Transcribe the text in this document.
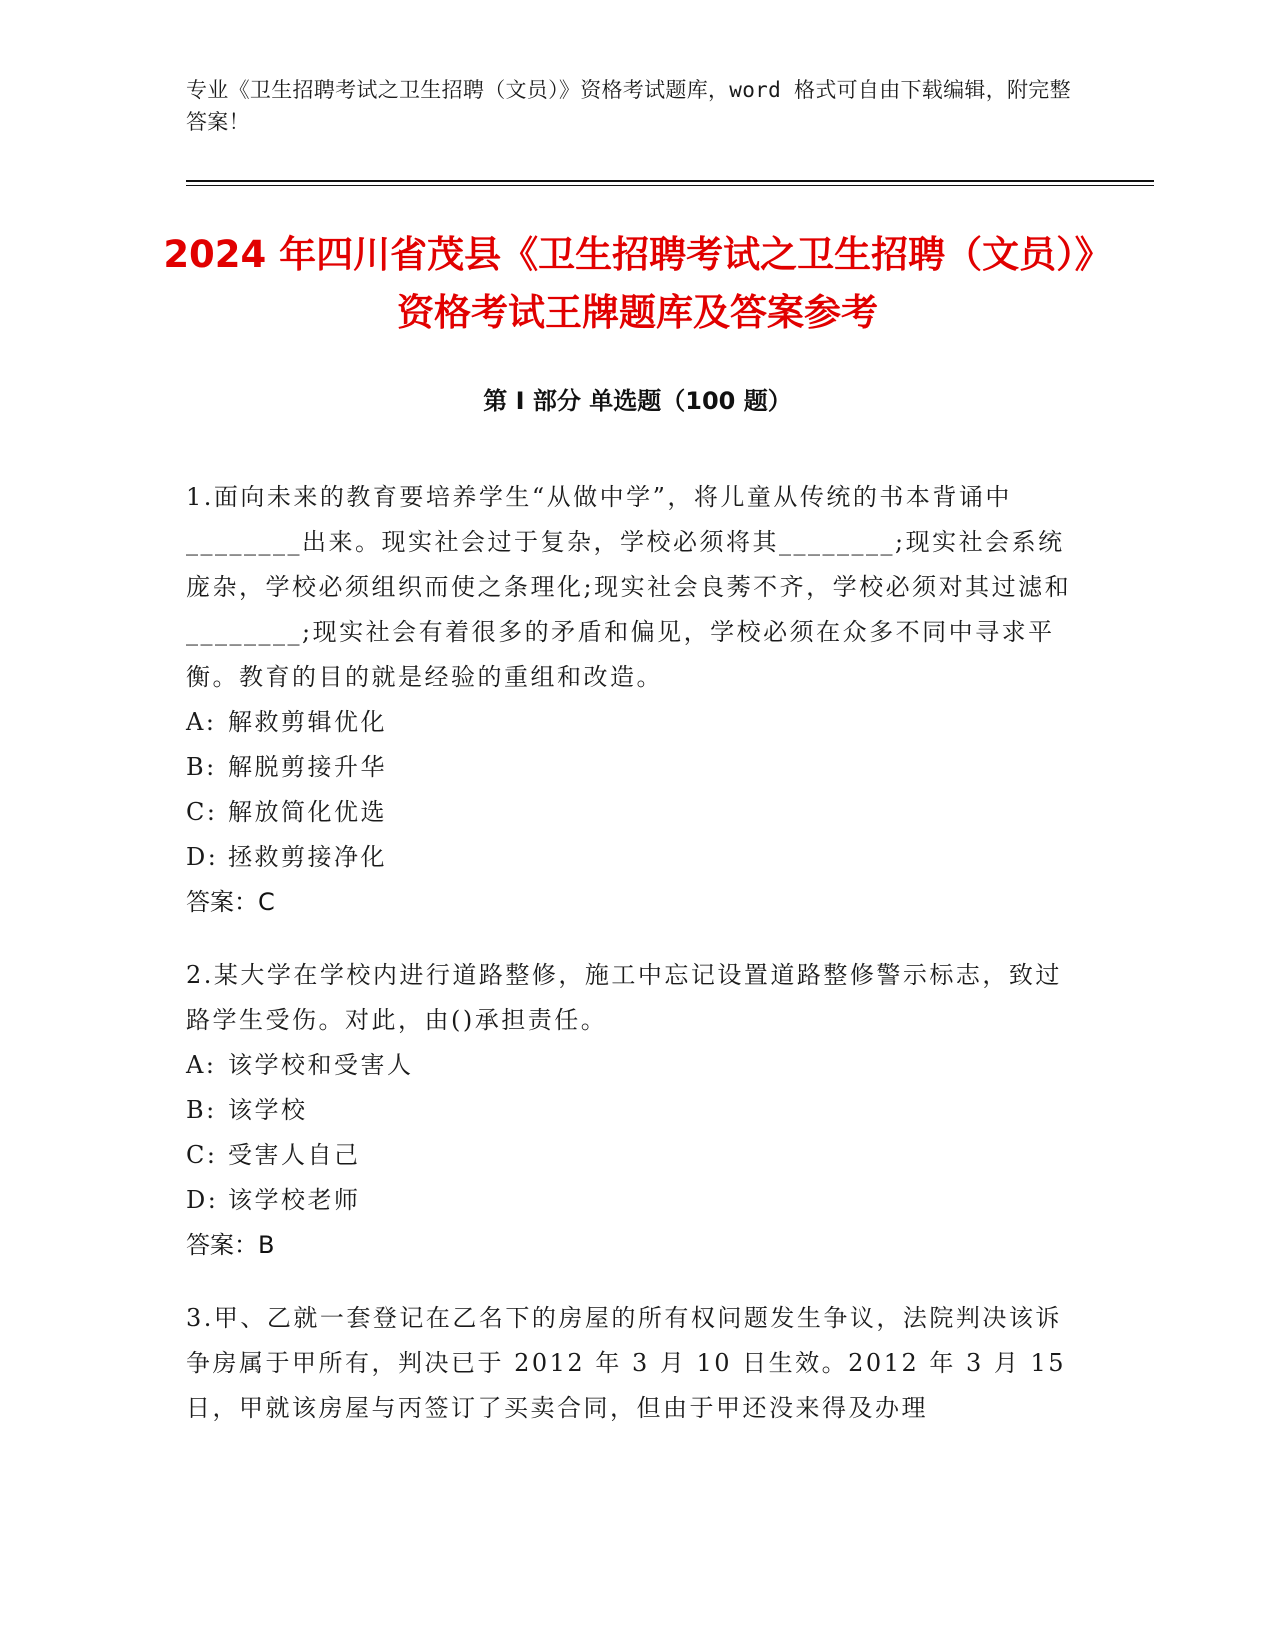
专业《卫生招聘考试之卫生招聘（文员）》资格考试题库，word 格式可自由下载编辑，附完整答案！
2024 年四川省茂县《卫生招聘考试之卫生招聘（文员）》资格考试王牌题库及答案参考
第 I 部分 单选题（100 题）

1.面向未来的教育要培养学生“从做中学”，将儿童从传统的书本背诵中________出来。现实社会过于复杂，学校必须将其________;现实社会系统庞杂，学校必须组织而使之条理化;现实社会良莠不齐，学校必须对其过滤和________;现实社会有着很多的矛盾和偏见，学校必须在众多不同中寻求平衡。教育的目的就是经验的重组和改造。

A: 解救剪辑优化

B: 解脱剪接升华

C: 解放简化优选

D: 拯救剪接净化

答案：C

2.某大学在学校内进行道路整修，施工中忘记设置道路整修警示标志，致过路学生受伤。对此，由()承担责任。

A: 该学校和受害人

B: 该学校

C: 受害人自己

D: 该学校老师

答案：B

3.甲、乙就一套登记在乙名下的房屋的所有权问题发生争议，法院判决该诉争房属于甲所有，判决已于 2012 年 3 月 10 日生效。2012 年 3 月 15 日，甲就该房屋与丙签订了买卖合同，但由于甲还没来得及办理
